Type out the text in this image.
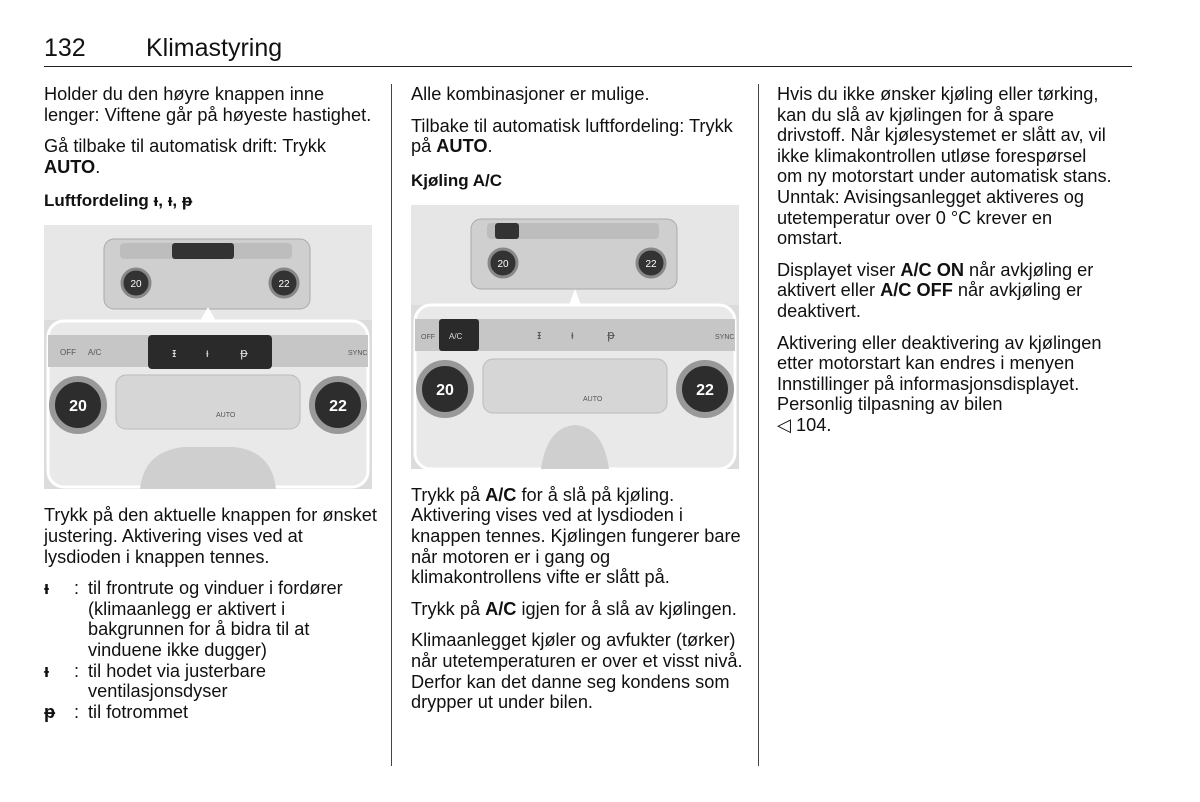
132 Klimastyring

Holder du den høyre knappen inne lenger: Viftene går på høyeste hastighet.

Gå tilbake til automatisk drift: Trykk AUTO.

Luftfordeling ᵻ, ᵼ, ᵽ
20	22
OFF A/C	ᵻ ᵼ	ᵽ	SYNC
AUTO
20	22

Trykk på den aktuelle knappen for ønsket justering. Aktivering vises ved at lysdioden i knappen tennes.

ᵻ	: til frontrute og vinduer i fordører (klimaanlegg er aktivert i bakgrunnen for å bidra til at vinduene ikke dugger)
ᵼ	: til hodet via justerbare ventilasjonsdyser
ᵽ	: til fotrommet

Alle kombinasjoner er mulige.

Tilbake til automatisk luftfordeling: Trykk på AUTO.

Kjøling A/C
20	22
OFF A/C	ᵻ ᵼ	ᵽ	SYNC
AUTO
20	22

Trykk på A/C for å slå på kjøling. Aktivering vises ved at lysdioden i knappen tennes. Kjølingen fungerer bare når motoren er i gang og klimakontrollens vifte er slått på.

Trykk på A/C igjen for å slå av kjølingen.

Klimaanlegget kjøler og avfukter (tørker) når utetemperaturen er over et visst nivå. Derfor kan det danne seg kondens som drypper ut under bilen.

Hvis du ikke ønsker kjøling eller tørking, kan du slå av kjølingen for å spare drivstoff. Når kjølesystemet er slått av, vil ikke klimakontrollen utløse forespørsel om ny motorstart under automatisk stans. Unntak: Avisingsanlegget aktiveres og utetemperatur over 0 °C krever en omstart.

Displayet viser A/C ON når avkjøling er aktivert eller A/C OFF når avkjøling er deaktivert.

Aktivering eller deaktivering av kjølingen etter motorstart kan endres i menyen Innstillinger på informasjonsdisplayet. Personlig tilpasning av bilen
◁ 104.
